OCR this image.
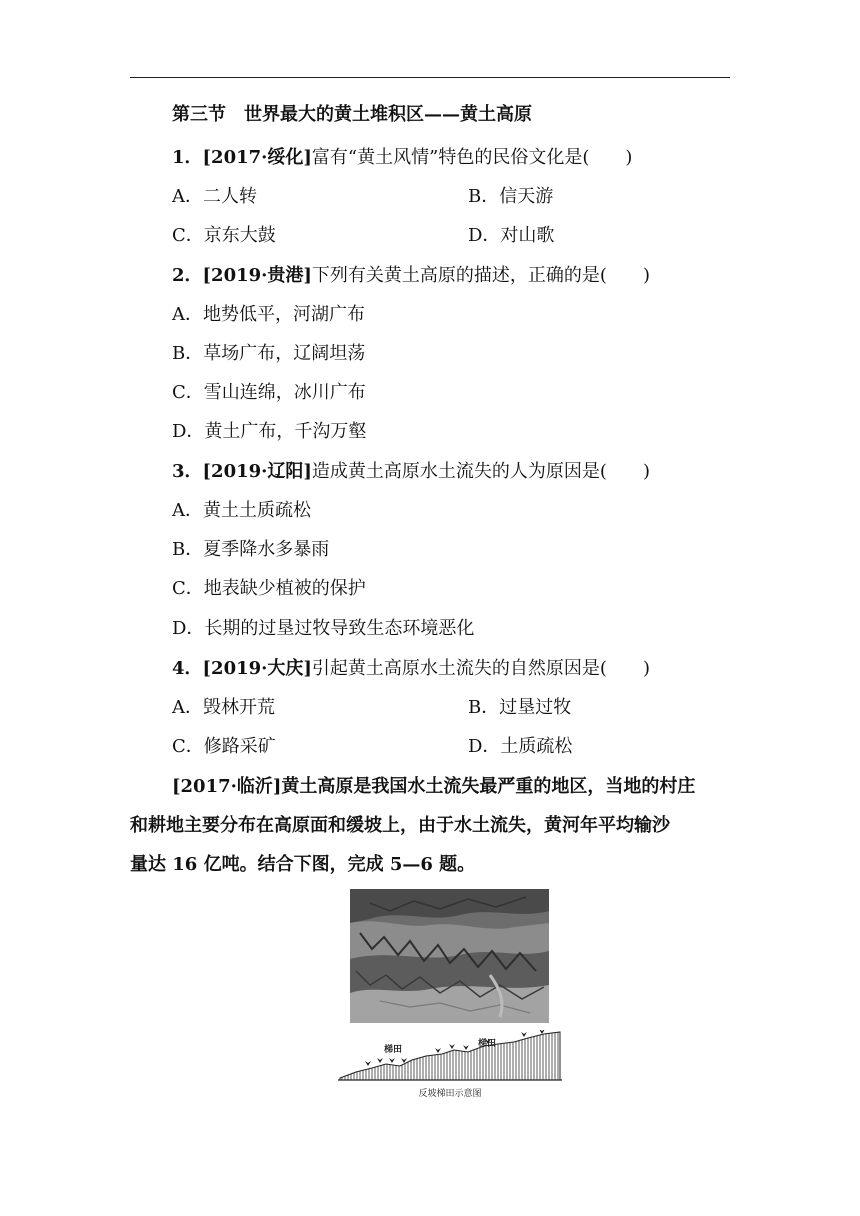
第三节　世界最大的黄土堆积区——黄土高原
1．[2017·绥化]富有“黄土风情”特色的民俗文化是(　　)
A．二人转	B．信天游
C．京东大鼓	D．对山歌
2．[2019·贵港]下列有关黄土高原的描述，正确的是(　　)
A．地势低平，河湖广布
B．草场广布，辽阔坦荡
C．雪山连绵，冰川广布
D．黄土广布，千沟万壑
3．[2019·辽阳]造成黄土高原水土流失的人为原因是(　　)
A．黄土土质疏松
B．夏季降水多暴雨
C．地表缺少植被的保护
D．长期的过垦过牧导致生态环境恶化
4．[2019·大庆]引起黄土高原水土流失的自然原因是(　　)
A．毁林开荒	B．过垦过牧
C．修路采矿	D．土质疏松
[2017·临沂]黄土高原是我国水土流失最严重的地区，当地的村庄
和耕地主要分布在高原面和缓坡上，由于水土流失，黄河年平均输沙
量达 16 亿吨。结合下图，完成 5—6 题。
梯田
梯田
反坡梯田示意图
